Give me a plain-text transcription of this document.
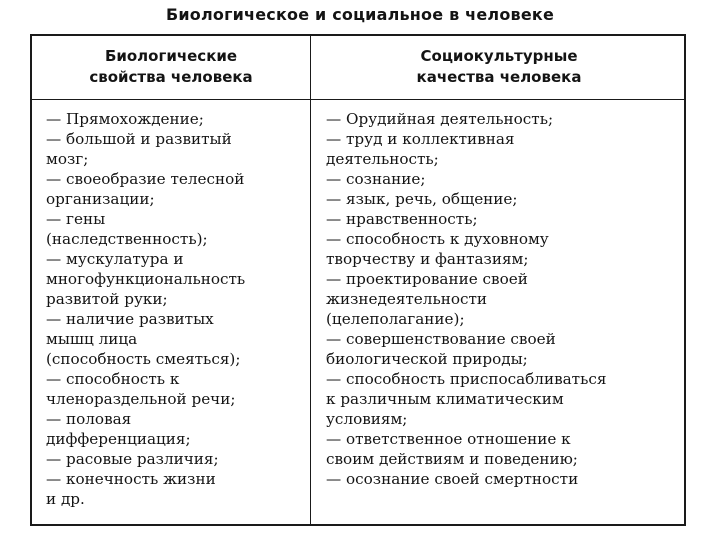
Биологическое и социальное в человеке
Биологические
свойства человека
Социокультурные
качества человека
— Прямохождение;
— большой и развитый
мозг;
— своеобразие телесной
организации;
— гены
(наследственность);
— мускулатура и
многофункциональность
развитой руки;
— наличие развитых
мышц лица
(способность смеяться);
— способность к
членораздельной речи;
— половая
дифференциация;
— расовые различия;
— конечность жизни
и др.
— Орудийная деятельность;
— труд и коллективная
деятельность;
— сознание;
— язык, речь, общение;
— нравственность;
— способность к духовному
творчеству и фантазиям;
— проектирование своей
жизнедеятельности
(целеполагание);
— совершенствование своей
биологической природы;
— способность приспосабливаться
к различным климатическим
условиям;
— ответственное отношение к
своим действиям и поведению;
— осознание своей смертности
